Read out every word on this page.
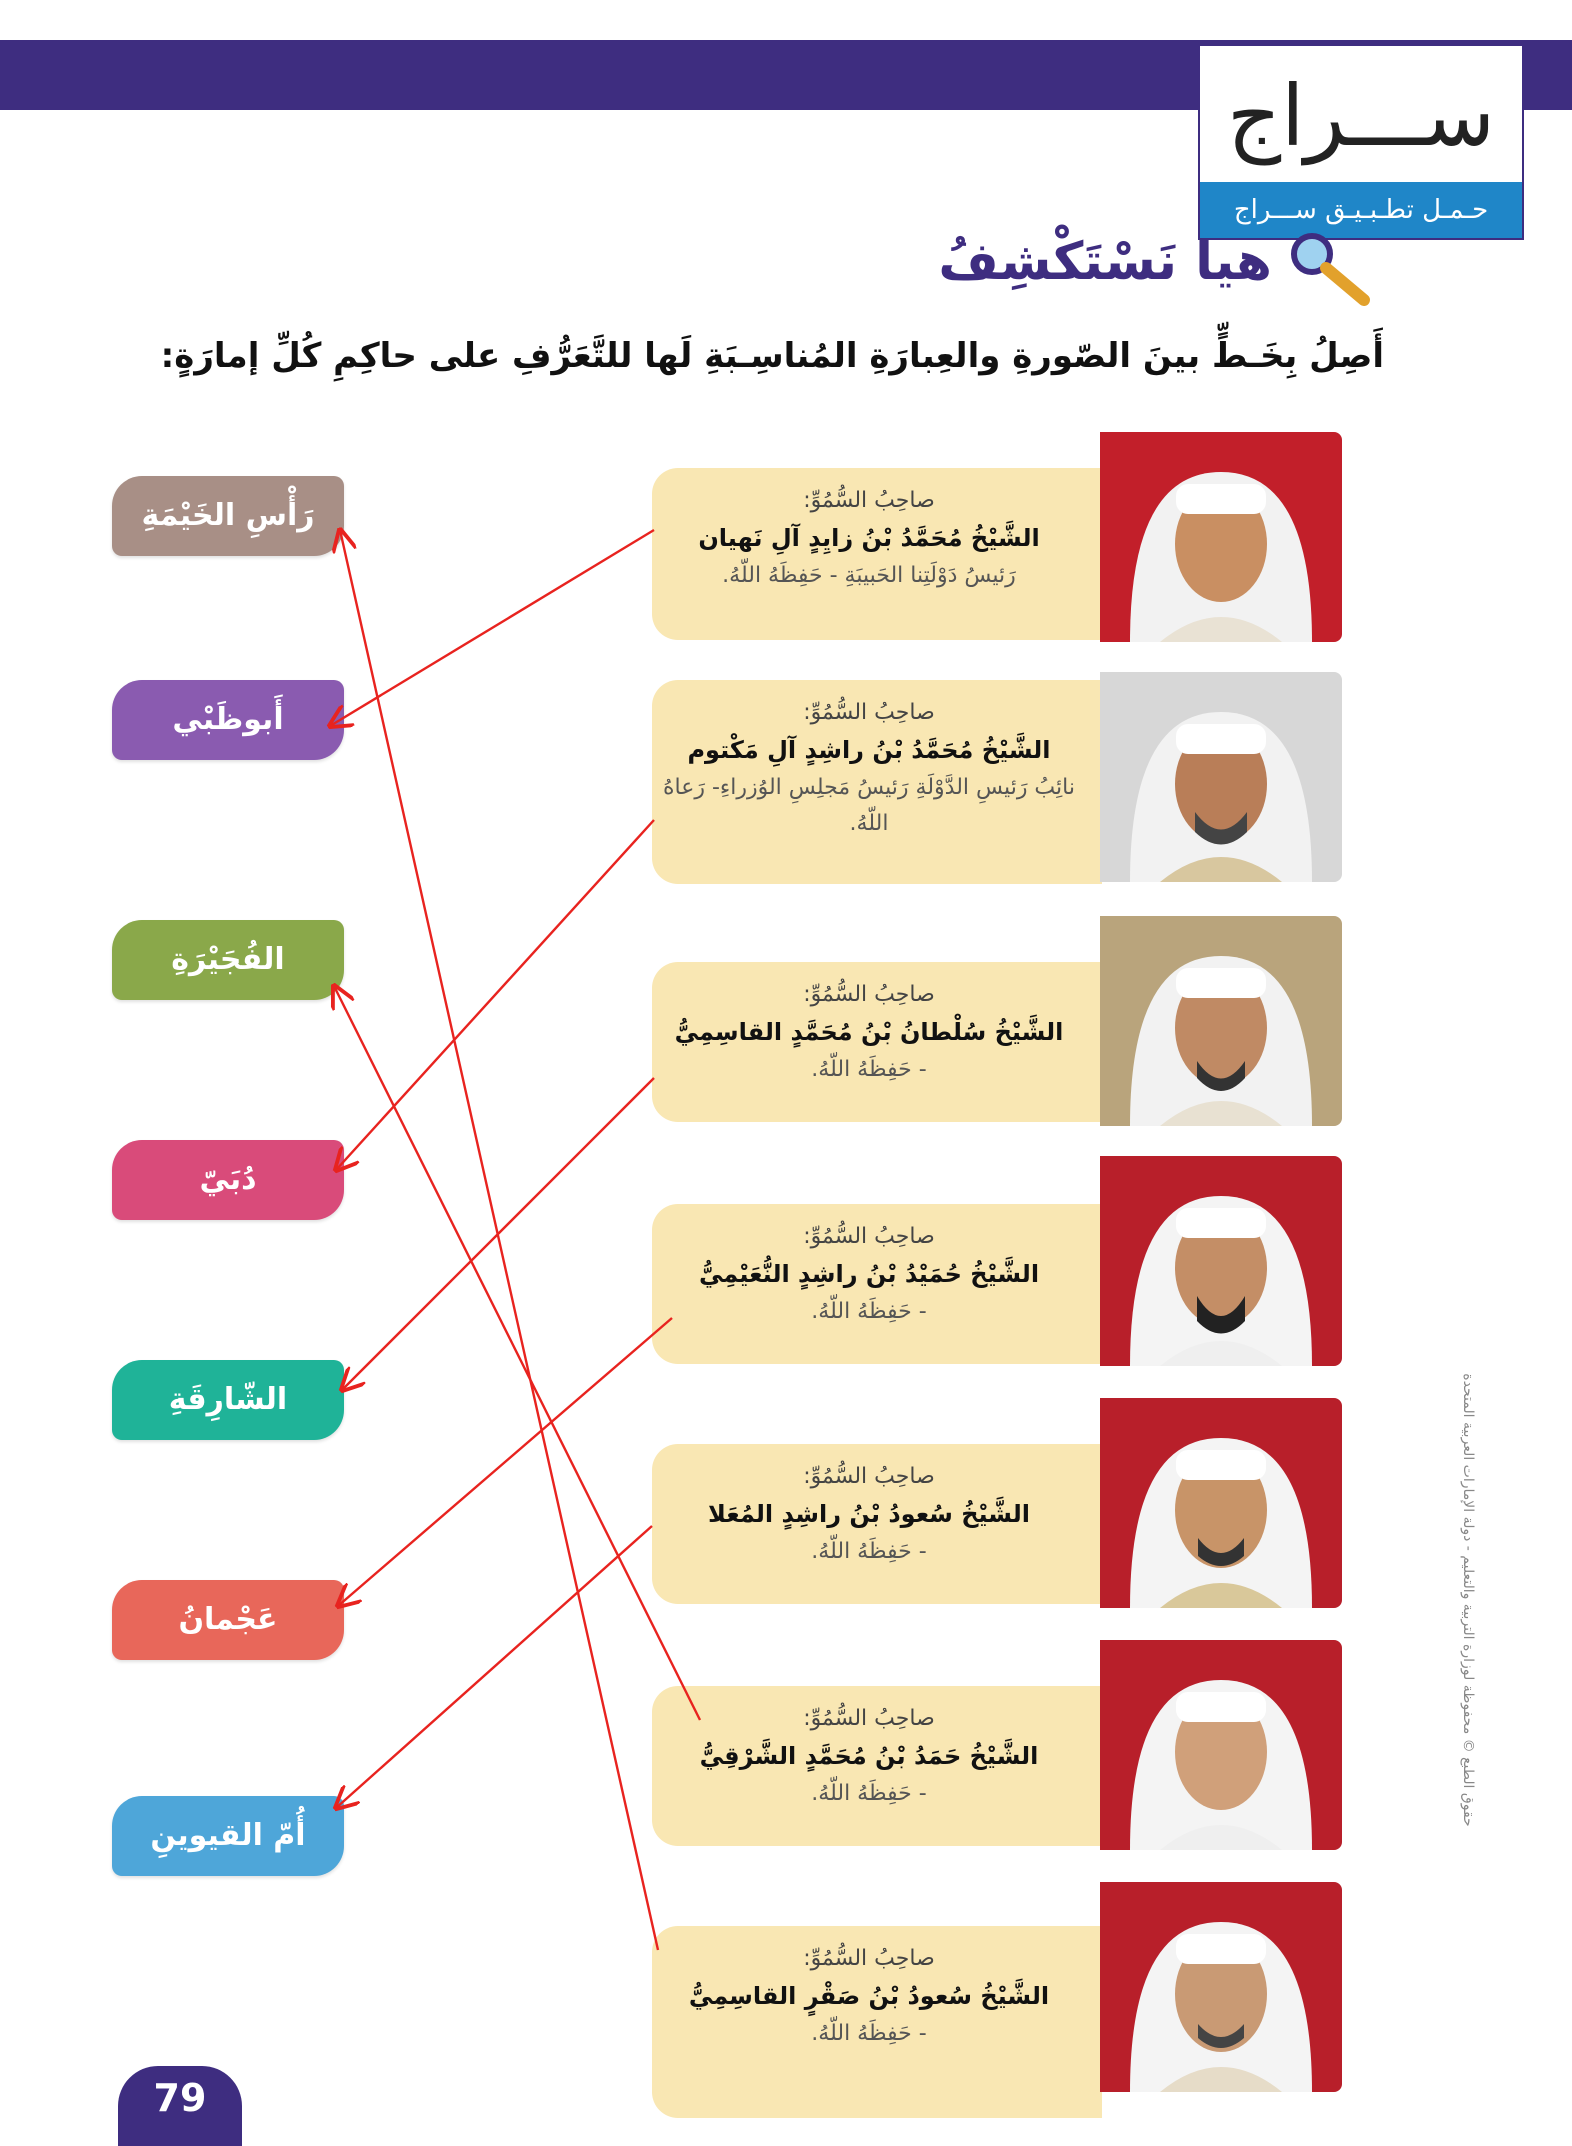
ســـراج
حـمـل تطـبـيـق ســـراج
هيا نَسْتَكْشِفُ
أَصِلُ بِخَـطٍّ بينَ الصّورةِ والعِبارَةِ المُناسِـبَةِ لَها للتَّعَرُّفِ على حاكِمِ كُلِّ إمارَةٍ:
رَأْسِ الخَيْمَةِ
أَبوظَبْي
الفُجَيْرَةِ
دُبَيّ
الشّارِقَةِ
عَجْمانُ
أُمّ القيوينِ
صاحِبُ السُّمُوِّ:
الشَّيْخُ مُحَمَّدُ بْنُ زايِدٍ آلِ نَهيان
رَئيسُ دَوْلَتِنا الحَبيبَةِ - حَفِظَهُ اللّهُ.
صاحِبُ السُّمُوِّ:
الشَّيْخُ مُحَمَّدُ بْنُ راشِدٍ آلِ مَكْتوم
نائِبُ رَئيسِ الدَّوْلَةِ رَئيسُ مَجلِسِ الوُزراءِ- رَعاهُ اللّهُ.
صاحِبُ السُّمُوِّ:
الشَّيْخُ سُلْطانُ بْنُ مُحَمَّدٍ القاسِمِيُّ
- حَفِظَهُ اللّهُ.
صاحِبُ السُّمُوِّ:
الشَّيْخُ حُمَيْدُ بْنُ راشِدٍ النُّعَيْمِيُّ
- حَفِظَهُ اللّهُ.
صاحِبُ السُّمُوِّ:
الشَّيْخُ سُعودُ بْنُ راشِدٍ المُعَلا
- حَفِظَهُ اللّهُ.
صاحِبُ السُّمُوِّ:
الشَّيْخُ حَمَدُ بْنُ مُحَمَّدٍ الشَّرْقِيُّ
- حَفِظَهُ اللّهُ.
صاحِبُ السُّمُوِّ:
الشَّيْخُ سُعودُ بْنُ صَقْرٍ القاسِمِيُّ
- حَفِظَهُ اللّهُ.
79
حقوق الطبع © محفوظة لوزارة التربية والتعليم - دولة الإمارات العربية المتحدة
